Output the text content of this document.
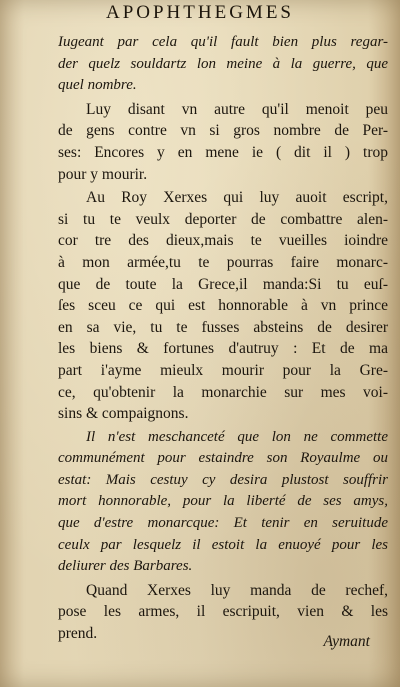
APOPHTHEGMES
Iugeant par cela qu'il fault bien plus regar-
der quelz souldartz lon meine à la guerre, que
quel nombre.
Luy disant vn autre qu'il menoit peu
de gens contre vn si gros nombre de Per-
ses: Encores y en mene ie ( dit il ) trop
pour y mourir.
Au Roy Xerxes qui luy auoit escript,
si tu te veulx deporter de combattre alen-
cor tre des dieux,mais te vueilles ioindre
à mon armée,tu te pourras faire monarc-
que de toute la Grece,il manda:Si tu euſ-
ſes sceu ce qui est honnorable à vn prince
en sa vie, tu te fusses absteins de desirer
les biens & fortunes d'autruy : Et de ma
part i'ayme mieulx mourir pour la Gre-
ce, qu'obtenir la monarchie sur mes voi-
sins & compaignons.
Il n'est meschanceté que lon ne commette
communément pour estaindre son Royaulme ou
estat: Mais cestuy cy desira plustost souffrir
mort honnorable, pour la liberté de ses amys,
que d'estre monarcque: Et tenir en seruitude
ceulx par lesquelz il estoit la enuoyé pour les
deliurer des Barbares.
Quand Xerxes luy manda de rechef,
pose les armes, il escripuit, vien & les
prend.	Aymant
